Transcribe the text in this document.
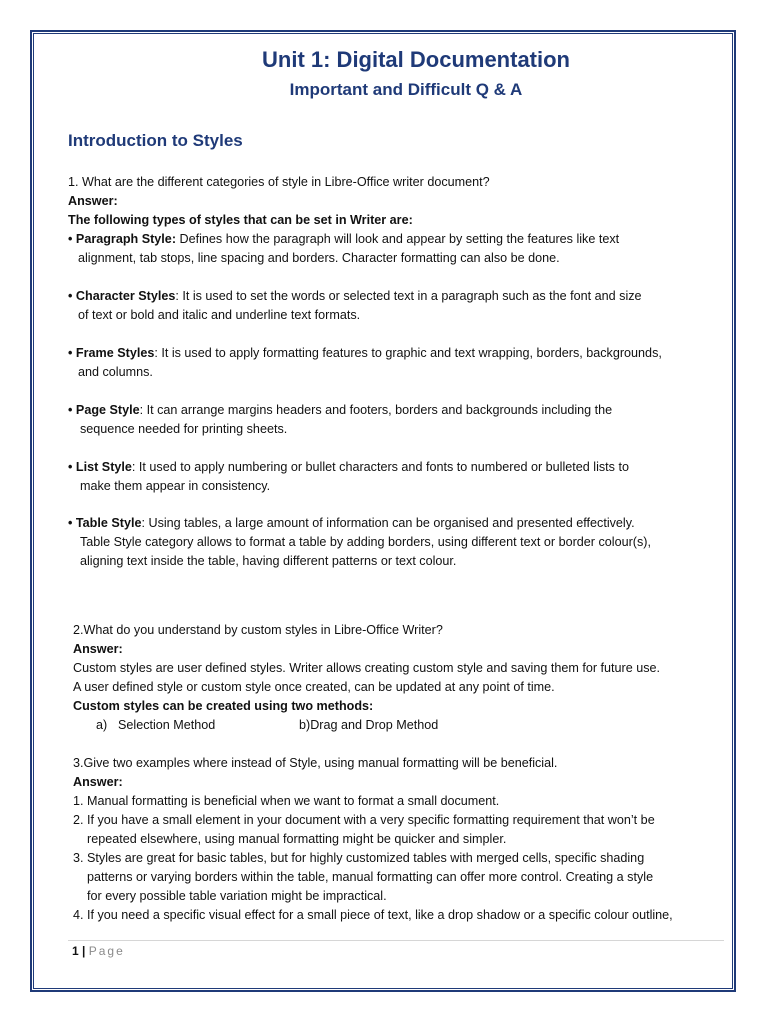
Unit 1: Digital Documentation
Important and Difficult Q & A
Introduction to Styles
1. What are the different categories of style in Libre-Office writer document?
Answer:
The following types of styles that can be set in Writer are:
• Paragraph Style: Defines how the paragraph will look and appear by setting the features like text
alignment, tab stops, line spacing and borders. Character formatting can also be done.
• Character Styles: It is used to set the words or selected text in a paragraph such as the font and size
of text or bold and italic and underline text formats.
• Frame Styles: It is used to apply formatting features to graphic and text wrapping, borders, backgrounds,
and columns.
• Page Style: It can arrange margins headers and footers, borders and backgrounds including the
sequence needed for printing sheets.
• List Style: It used to apply numbering or bullet characters and fonts to numbered or bulleted lists to
make them appear in consistency.
• Table Style: Using tables, a large amount of information can be organised and presented effectively.
Table Style category allows to format a table by adding borders, using different text or border colour(s),
aligning text inside the table, having different patterns or text colour.
2.What do you understand by custom styles in Libre-Office Writer?
Answer:
Custom styles are user defined styles. Writer allows creating custom style and saving them for future use.
A user defined style or custom style once created, can be updated at any point of time.
Custom styles can be created using two methods:
a) Selection Method	b)Drag and Drop Method
3.Give two examples where instead of Style, using manual formatting will be beneficial.
Answer:
1. Manual formatting is beneficial when we want to format a small document.
2. If you have a small element in your document with a very specific formatting requirement that won’t be
repeated elsewhere, using manual formatting might be quicker and simpler.
3. Styles are great for basic tables, but for highly customized tables with merged cells, specific shading
patterns or varying borders within the table, manual formatting can offer more control. Creating a style
for every possible table variation might be impractical.
4. If you need a specific visual effect for a small piece of text, like a drop shadow or a specific colour outline,
1 | Page
